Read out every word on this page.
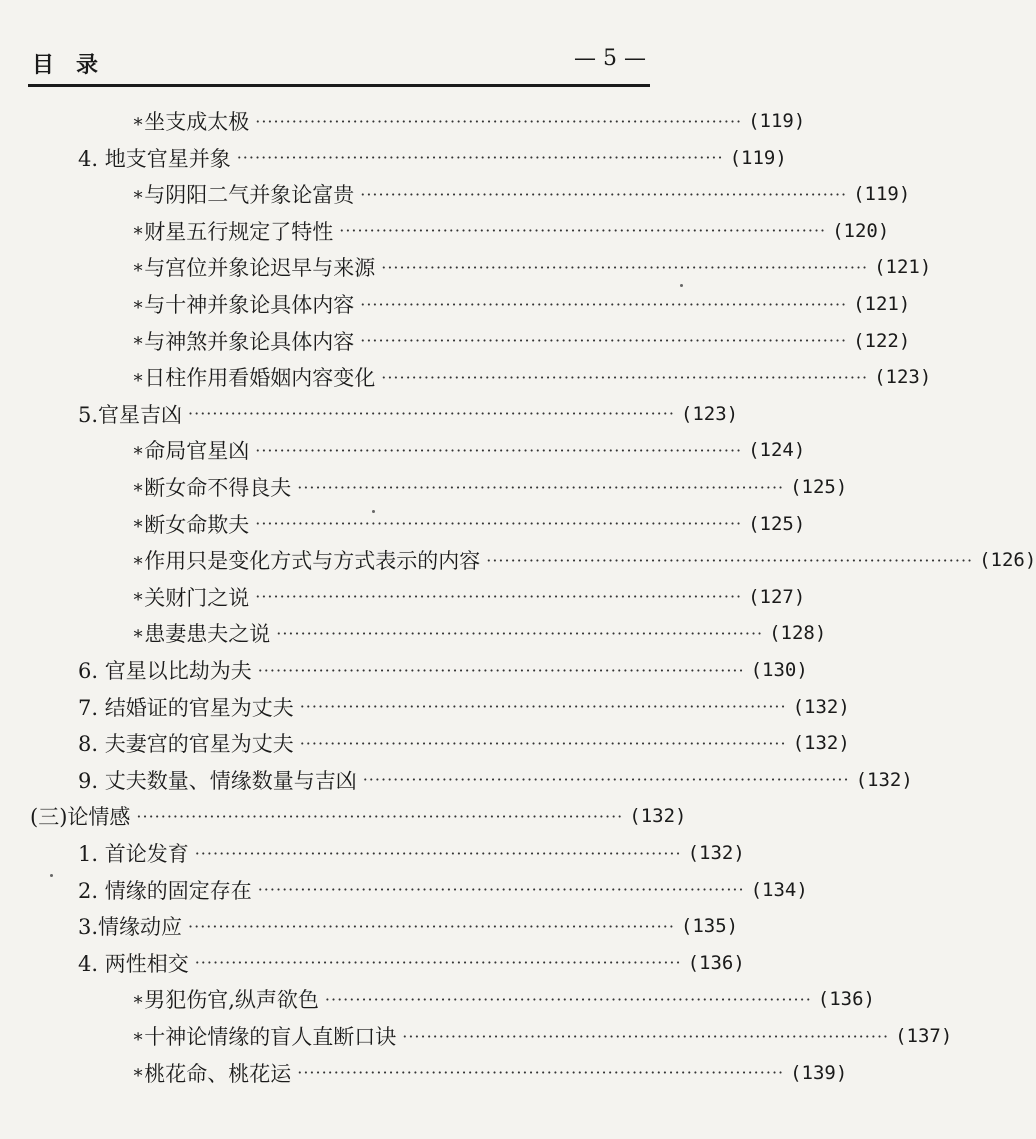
目录	— 5 —
∗ 坐支成太极 ················································································ (119)
4. 地支官星并象 ················································································ (119)
∗ 与阴阳二气并象论富贵 ················································································ (119)
∗ 财星五行规定了特性 ················································································ (120)
∗ 与宫位并象论迟早与来源 ················································································ (121)
∗ 与十神并象论具体内容 ················································································ (121)
∗ 与神煞并象论具体内容 ················································································ (122)
∗ 日柱作用看婚姻内容变化 ················································································ (123)
5.官星吉凶 ················································································ (123)
∗ 命局官星凶 ················································································ (124)
∗ 断女命不得良夫 ················································································ (125)
∗ 断女命欺夫 ················································································ (125)
∗ 作用只是变化方式与方式表示的内容 ················································································ (126)
∗ 关财门之说 ················································································ (127)
∗ 患妻患夫之说 ················································································ (128)
6. 官星以比劫为夫 ················································································ (130)
7. 结婚证的官星为丈夫 ················································································ (132)
8. 夫妻宫的官星为丈夫 ················································································ (132)
9. 丈夫数量、情缘数量与吉凶 ················································································ (132)
(三)论情感 ················································································ (132)
1. 首论发育 ················································································ (132)
2. 情缘的固定存在 ················································································ (134)
3.情缘动应 ················································································ (135)
4. 两性相交 ················································································ (136)
∗ 男犯伤官,纵声欲色 ················································································ (136)
∗ 十神论情缘的盲人直断口诀 ················································································ (137)
∗ 桃花命、桃花运 ················································································ (139)
